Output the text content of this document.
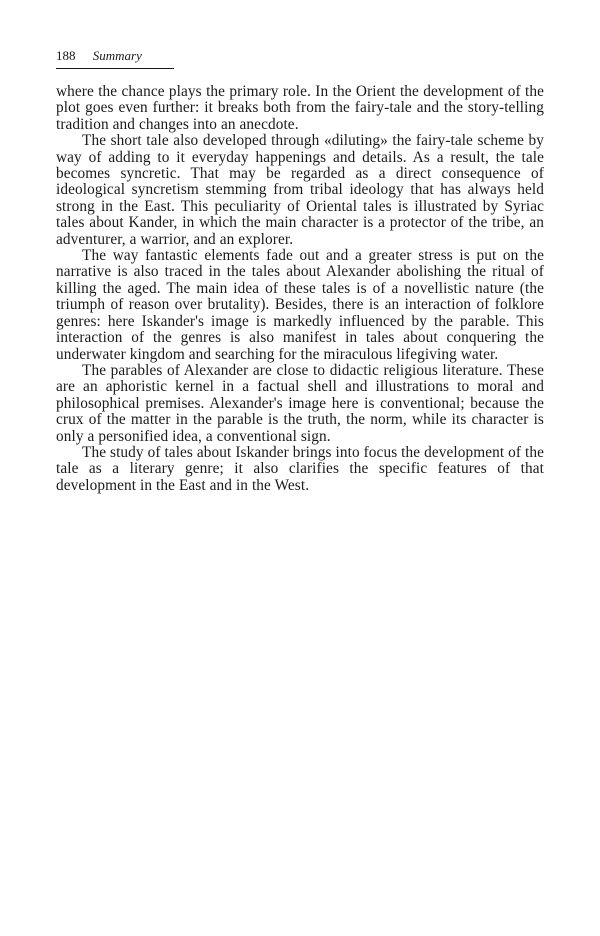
188 Summary

where the chance plays the primary role. In the Orient the development of the plot goes even further: it breaks both from the fairy-tale and the story-telling tradition and changes into an anecdote.

The short tale also developed through «diluting» the fairy-tale scheme by way of adding to it everyday happenings and details. As a result, the tale becomes syncretic. That may be regarded as a direct consequence of ideological syncretism stemming from tribal ideology that has always held strong in the East. This peculiarity of Oriental tales is illustrated by Syriac tales about Kander, in which the main character is a protector of the tribe, an adventurer, a warrior, and an explorer.

The way fantastic elements fade out and a greater stress is put on the narrative is also traced in the tales about Alexander abolishing the ritual of killing the aged. The main idea of these tales is of a novellistic nature (the triumph of reason over brutality). Besides, there is an interaction of folklore genres: here Iskander's image is markedly influenced by the parable. This interaction of the genres is also manifest in tales about conquering the underwater kingdom and searching for the miraculous lifegiving water.

The parables of Alexander are close to didactic religious literature. These are an aphoristic kernel in a factual shell and illustrations to moral and philosophical premises. Alexander's image here is conventional; because the crux of the matter in the parable is the truth, the norm, while its character is only a personified idea, a conventional sign.

The study of tales about Iskander brings into focus the development of the tale as a literary genre; it also clarifies the specific features of that development in the East and in the West.
